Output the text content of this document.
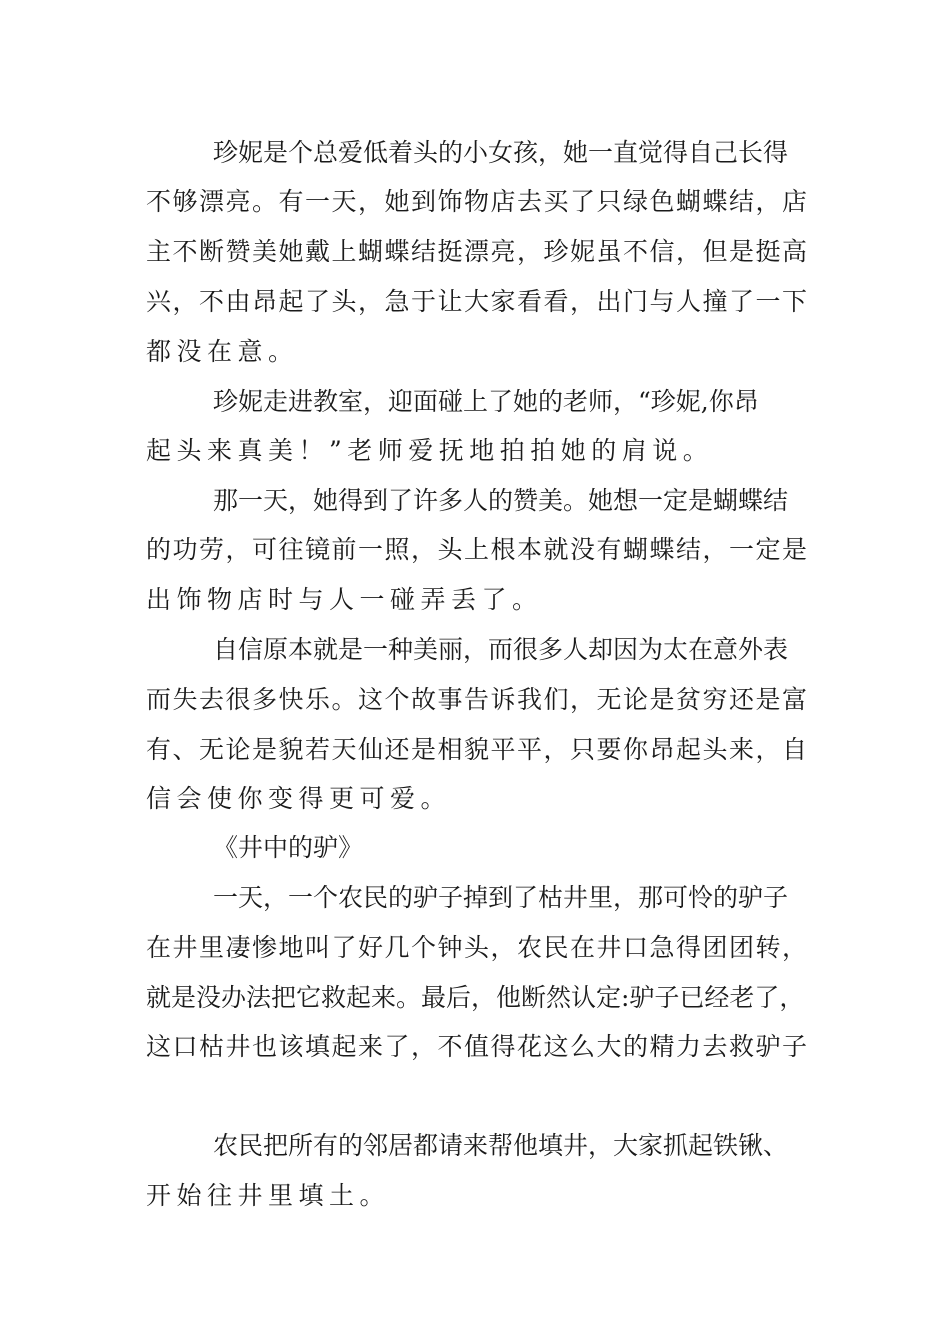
珍妮是个总爱低着头的小女孩，她一直觉得自己长得
不够漂亮。有一天，她到饰物店去买了只绿色蝴蝶结，店
主不断赞美她戴上蝴蝶结挺漂亮，珍妮虽不信，但是挺高
兴，不由昂起了头，急于让大家看看，出门与人撞了一下
都没在意。
珍妮走进教室，迎面碰上了她的老师，“珍妮,你昂
起头来真美！”老师爱抚地拍拍她的肩说。
那一天，她得到了许多人的赞美。她想一定是蝴蝶结
的功劳，可往镜前一照，头上根本就没有蝴蝶结，一定是
出饰物店时与人一碰弄丢了。
自信原本就是一种美丽，而很多人却因为太在意外表
而失去很多快乐。这个故事告诉我们，无论是贫穷还是富
有、无论是貌若天仙还是相貌平平，只要你昂起头来，自
信会使你变得更可爱。
《井中的驴》
一天，一个农民的驴子掉到了枯井里，那可怜的驴子
在井里凄惨地叫了好几个钟头，农民在井口急得团团转，
就是没办法把它救起来。最后，他断然认定:驴子已经老了，
这口枯井也该填起来了，不值得花这么大的精力去救驴子
农民把所有的邻居都请来帮他填井，大家抓起铁锹、
开始往井里填土。
